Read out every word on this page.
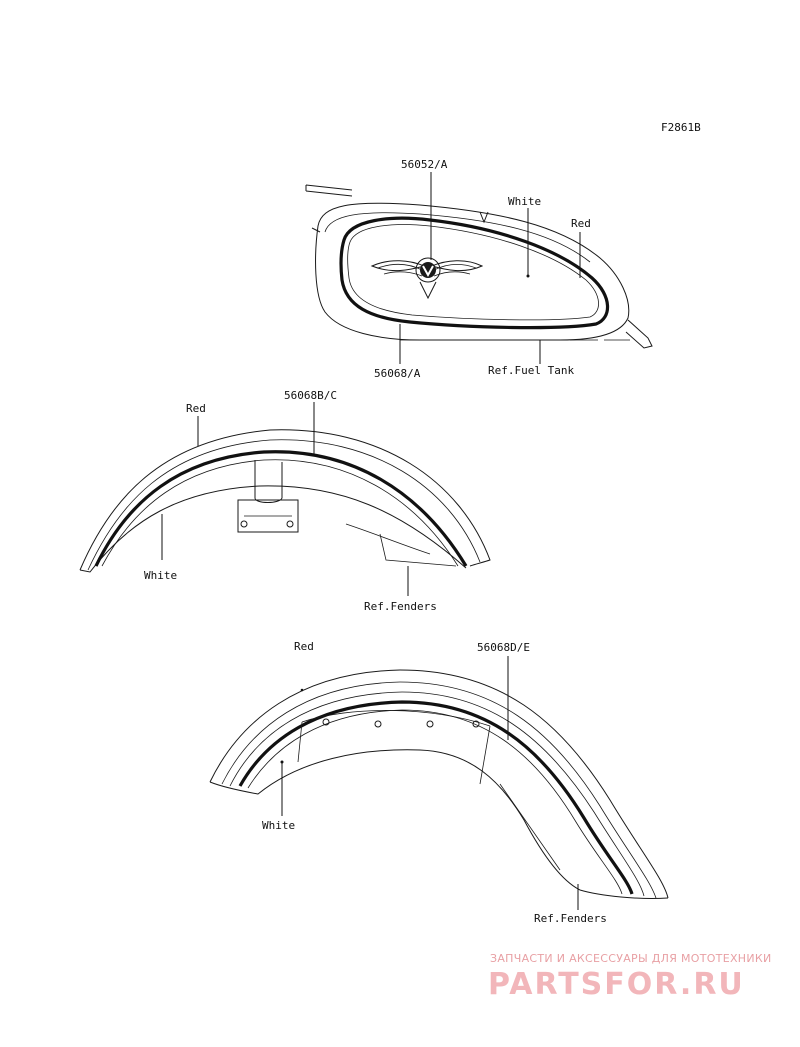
F2861B
56052/A
White
Red
56068/A	Ref.Fuel Tank
Red
56068B/C
White
Ref.Fenders
Red	56068D/E
White
Ref.Fenders
ЗАПЧАСТИ И АКСЕССУАРЫ ДЛЯ МОТОТЕХНИКИ
PARTSFOR.RU
